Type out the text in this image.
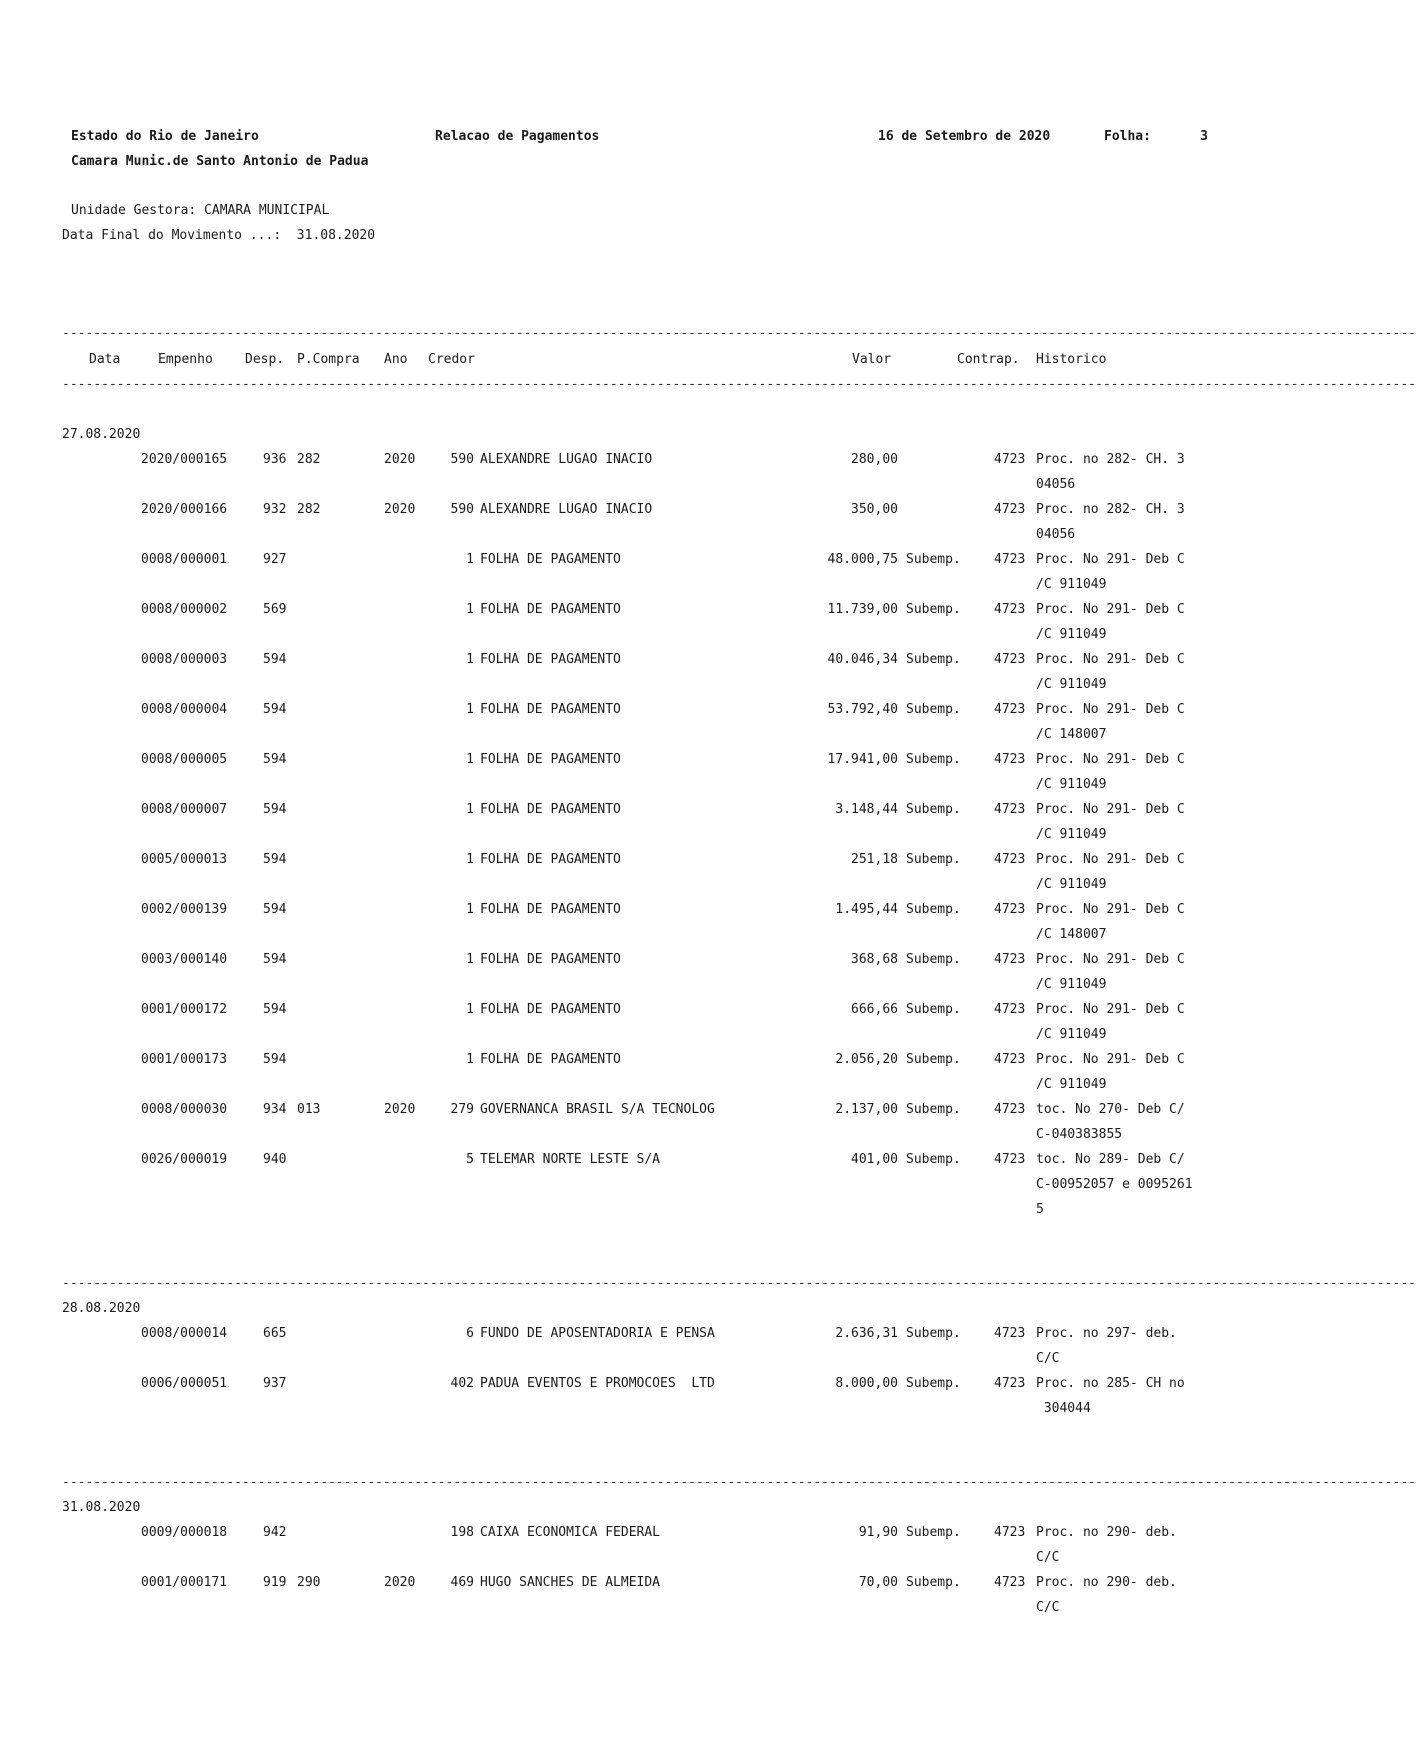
Estado do Rio de Janeiro	Relacao de Pagamentos	16 de Setembro de 2020	Folha:	3
Camara Munic.de Santo Antonio de Padua
Unidade Gestora: CAMARA MUNICIPAL
Data Final do Movimento ...:  31.08.2020
-----------------------------------------------------------------------------------------------------------------------------------------------------------------------------
Data	Empenho Desp. P.Compra Ano Credor	Valor	Contrap. Historico
-----------------------------------------------------------------------------------------------------------------------------------------------------------------------------
27.08.2020
2020/000165	936 282	2020	590 ALEXANDRE LUGAO INACIO	280,00	4723 Proc. no 282- CH. 3
04056
2020/000166	932 282	2020	590 ALEXANDRE LUGAO INACIO	350,00	4723 Proc. no 282- CH. 3
04056
0008/000001	927	1 FOLHA DE PAGAMENTO	48.000,75 Subemp.	4723 Proc. No 291- Deb C
/C 911049
0008/000002	569	1 FOLHA DE PAGAMENTO	11.739,00 Subemp.	4723 Proc. No 291- Deb C
/C 911049
0008/000003	594	1 FOLHA DE PAGAMENTO	40.046,34 Subemp.	4723 Proc. No 291- Deb C
/C 911049
0008/000004	594	1 FOLHA DE PAGAMENTO	53.792,40 Subemp.	4723 Proc. No 291- Deb C
/C 148007
0008/000005	594	1 FOLHA DE PAGAMENTO	17.941,00 Subemp.	4723 Proc. No 291- Deb C
/C 911049
0008/000007	594	1 FOLHA DE PAGAMENTO	3.148,44 Subemp.	4723 Proc. No 291- Deb C
/C 911049
0005/000013	594	1 FOLHA DE PAGAMENTO	251,18 Subemp.	4723 Proc. No 291- Deb C
/C 911049
0002/000139	594	1 FOLHA DE PAGAMENTO	1.495,44 Subemp.	4723 Proc. No 291- Deb C
/C 148007
0003/000140	594	1 FOLHA DE PAGAMENTO	368,68 Subemp.	4723 Proc. No 291- Deb C
/C 911049
0001/000172	594	1 FOLHA DE PAGAMENTO	666,66 Subemp.	4723 Proc. No 291- Deb C
/C 911049
0001/000173	594	1 FOLHA DE PAGAMENTO	2.056,20 Subemp.	4723 Proc. No 291- Deb C
/C 911049
0008/000030	934 013	2020	279 GOVERNANCA BRASIL S/A TECNOLOG	2.137,00 Subemp.	4723 toc. No 270- Deb C/
C-040383855
0026/000019	940	5 TELEMAR NORTE LESTE S/A	401,00 Subemp.	4723 toc. No 289- Deb C/
C-00952057 e 0095261
5
-----------------------------------------------------------------------------------------------------------------------------------------------------------------------------
28.08.2020
0008/000014	665	6 FUNDO DE APOSENTADORIA E PENSA	2.636,31 Subemp.	4723 Proc. no 297- deb.
C/C
0006/000051	937	402 PADUA EVENTOS E PROMOCOES  LTD	8.000,00 Subemp.	4723 Proc. no 285- CH no
304044
-----------------------------------------------------------------------------------------------------------------------------------------------------------------------------
31.08.2020
0009/000018	942	198 CAIXA ECONOMICA FEDERAL	91,90 Subemp.	4723 Proc. no 290- deb.
C/C
0001/000171	919 290	2020	469 HUGO SANCHES DE ALMEIDA	70,00 Subemp.	4723 Proc. no 290- deb.
C/C
